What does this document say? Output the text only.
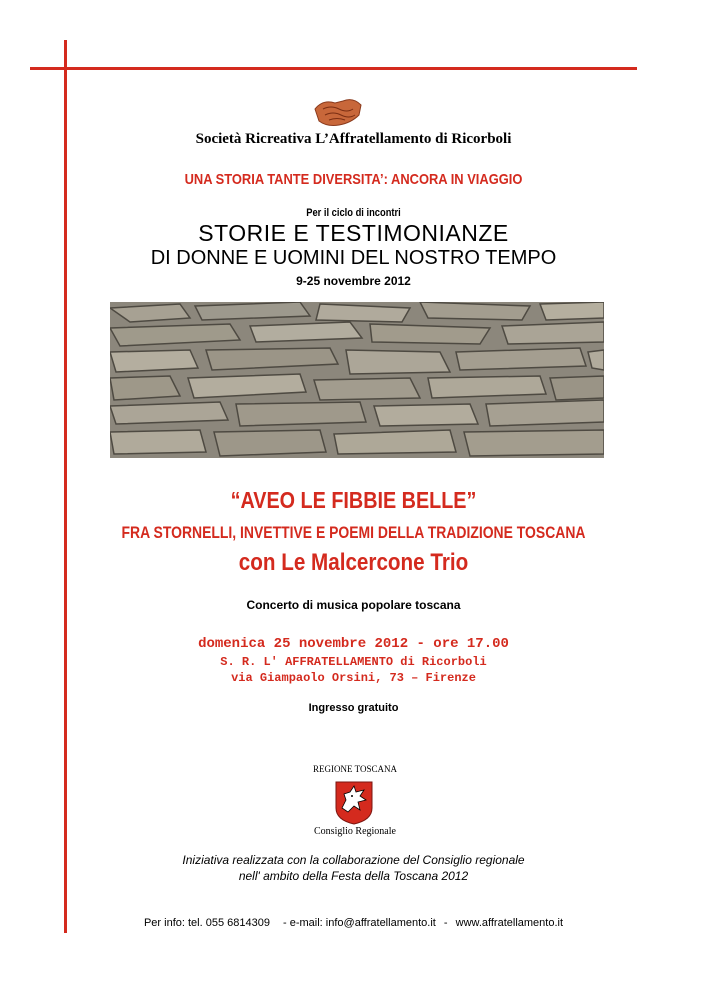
Società Ricreativa L’Affratellamento di Ricorboli
UNA STORIA TANTE DIVERSITA’: ANCORA IN VIAGGIO
Per il ciclo di incontri
STORIE E TESTIMONIANZE
DI DONNE E UOMINI DEL NOSTRO TEMPO
9-25 novembre 2012
“AVEO LE FIBBIE BELLE”
FRA STORNELLI, INVETTIVE E POEMI DELLA TRADIZIONE TOSCANA
con Le Malcercone Trio
Concerto di musica popolare toscana
domenica 25 novembre 2012 - ore 17.00
S. R. L' AFFRATELLAMENTO di Ricorboli
via Giampaolo Orsini, 73 – Firenze
Ingresso gratuito
REGIONE TOSCANA
Consiglio Regionale
Iniziativa realizzata con la collaborazione del Consiglio regionale
nell' ambito della Festa della Toscana 2012
Per info: tel. 055 6814309 - e-mail: info@affratellamento.it - www.affratellamento.it
